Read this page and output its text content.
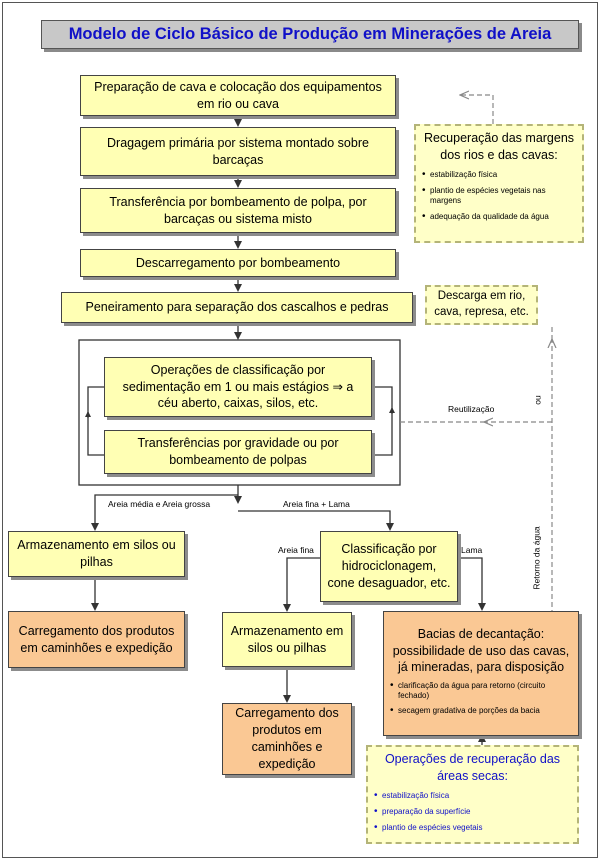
Modelo de Ciclo Básico de Produção em Minerações de Areia
Preparação de cava e colocação dos equipamentos em rio ou cava
Dragagem primária por sistema montado sobre barcaças
Transferência por bombeamento de polpa, por barcaças ou sistema misto
Descarregamento por bombeamento
Peneiramento para separação dos cascalhos e pedras
Operações de classificação por sedimentação em 1 ou mais estágios ⇒ a céu aberto, caixas, silos, etc.
Transferências por gravidade ou por bombeamento de polpas
Armazenamento em silos ou pilhas
Carregamento dos produtos em caminhões e expedição
Classificação por hidrociclonagem, cone desaguador, etc.
Armazenamento em silos ou pilhas
Carregamento dos produtos em caminhões e expedição
Bacias de decantação: possibilidade de uso das cavas, já mineradas, para disposição
• clarificação da água para retorno (circuito fechado)
• secagem gradativa de porções da bacia
Recuperação das margens dos rios e das cavas:
• estabilização física
• plantio de espécies vegetais nas margens
• adequação da qualidade da água
Descarga em rio, cava, represa, etc.
Operações de recuperação das áreas secas:
• estabilização física
• preparação da superfície
• plantio de espécies vegetais
Areia média e Areia grossa	Areia fina + Lama
Areia fina	Lama
Reutilização
ou
Retorno da água
